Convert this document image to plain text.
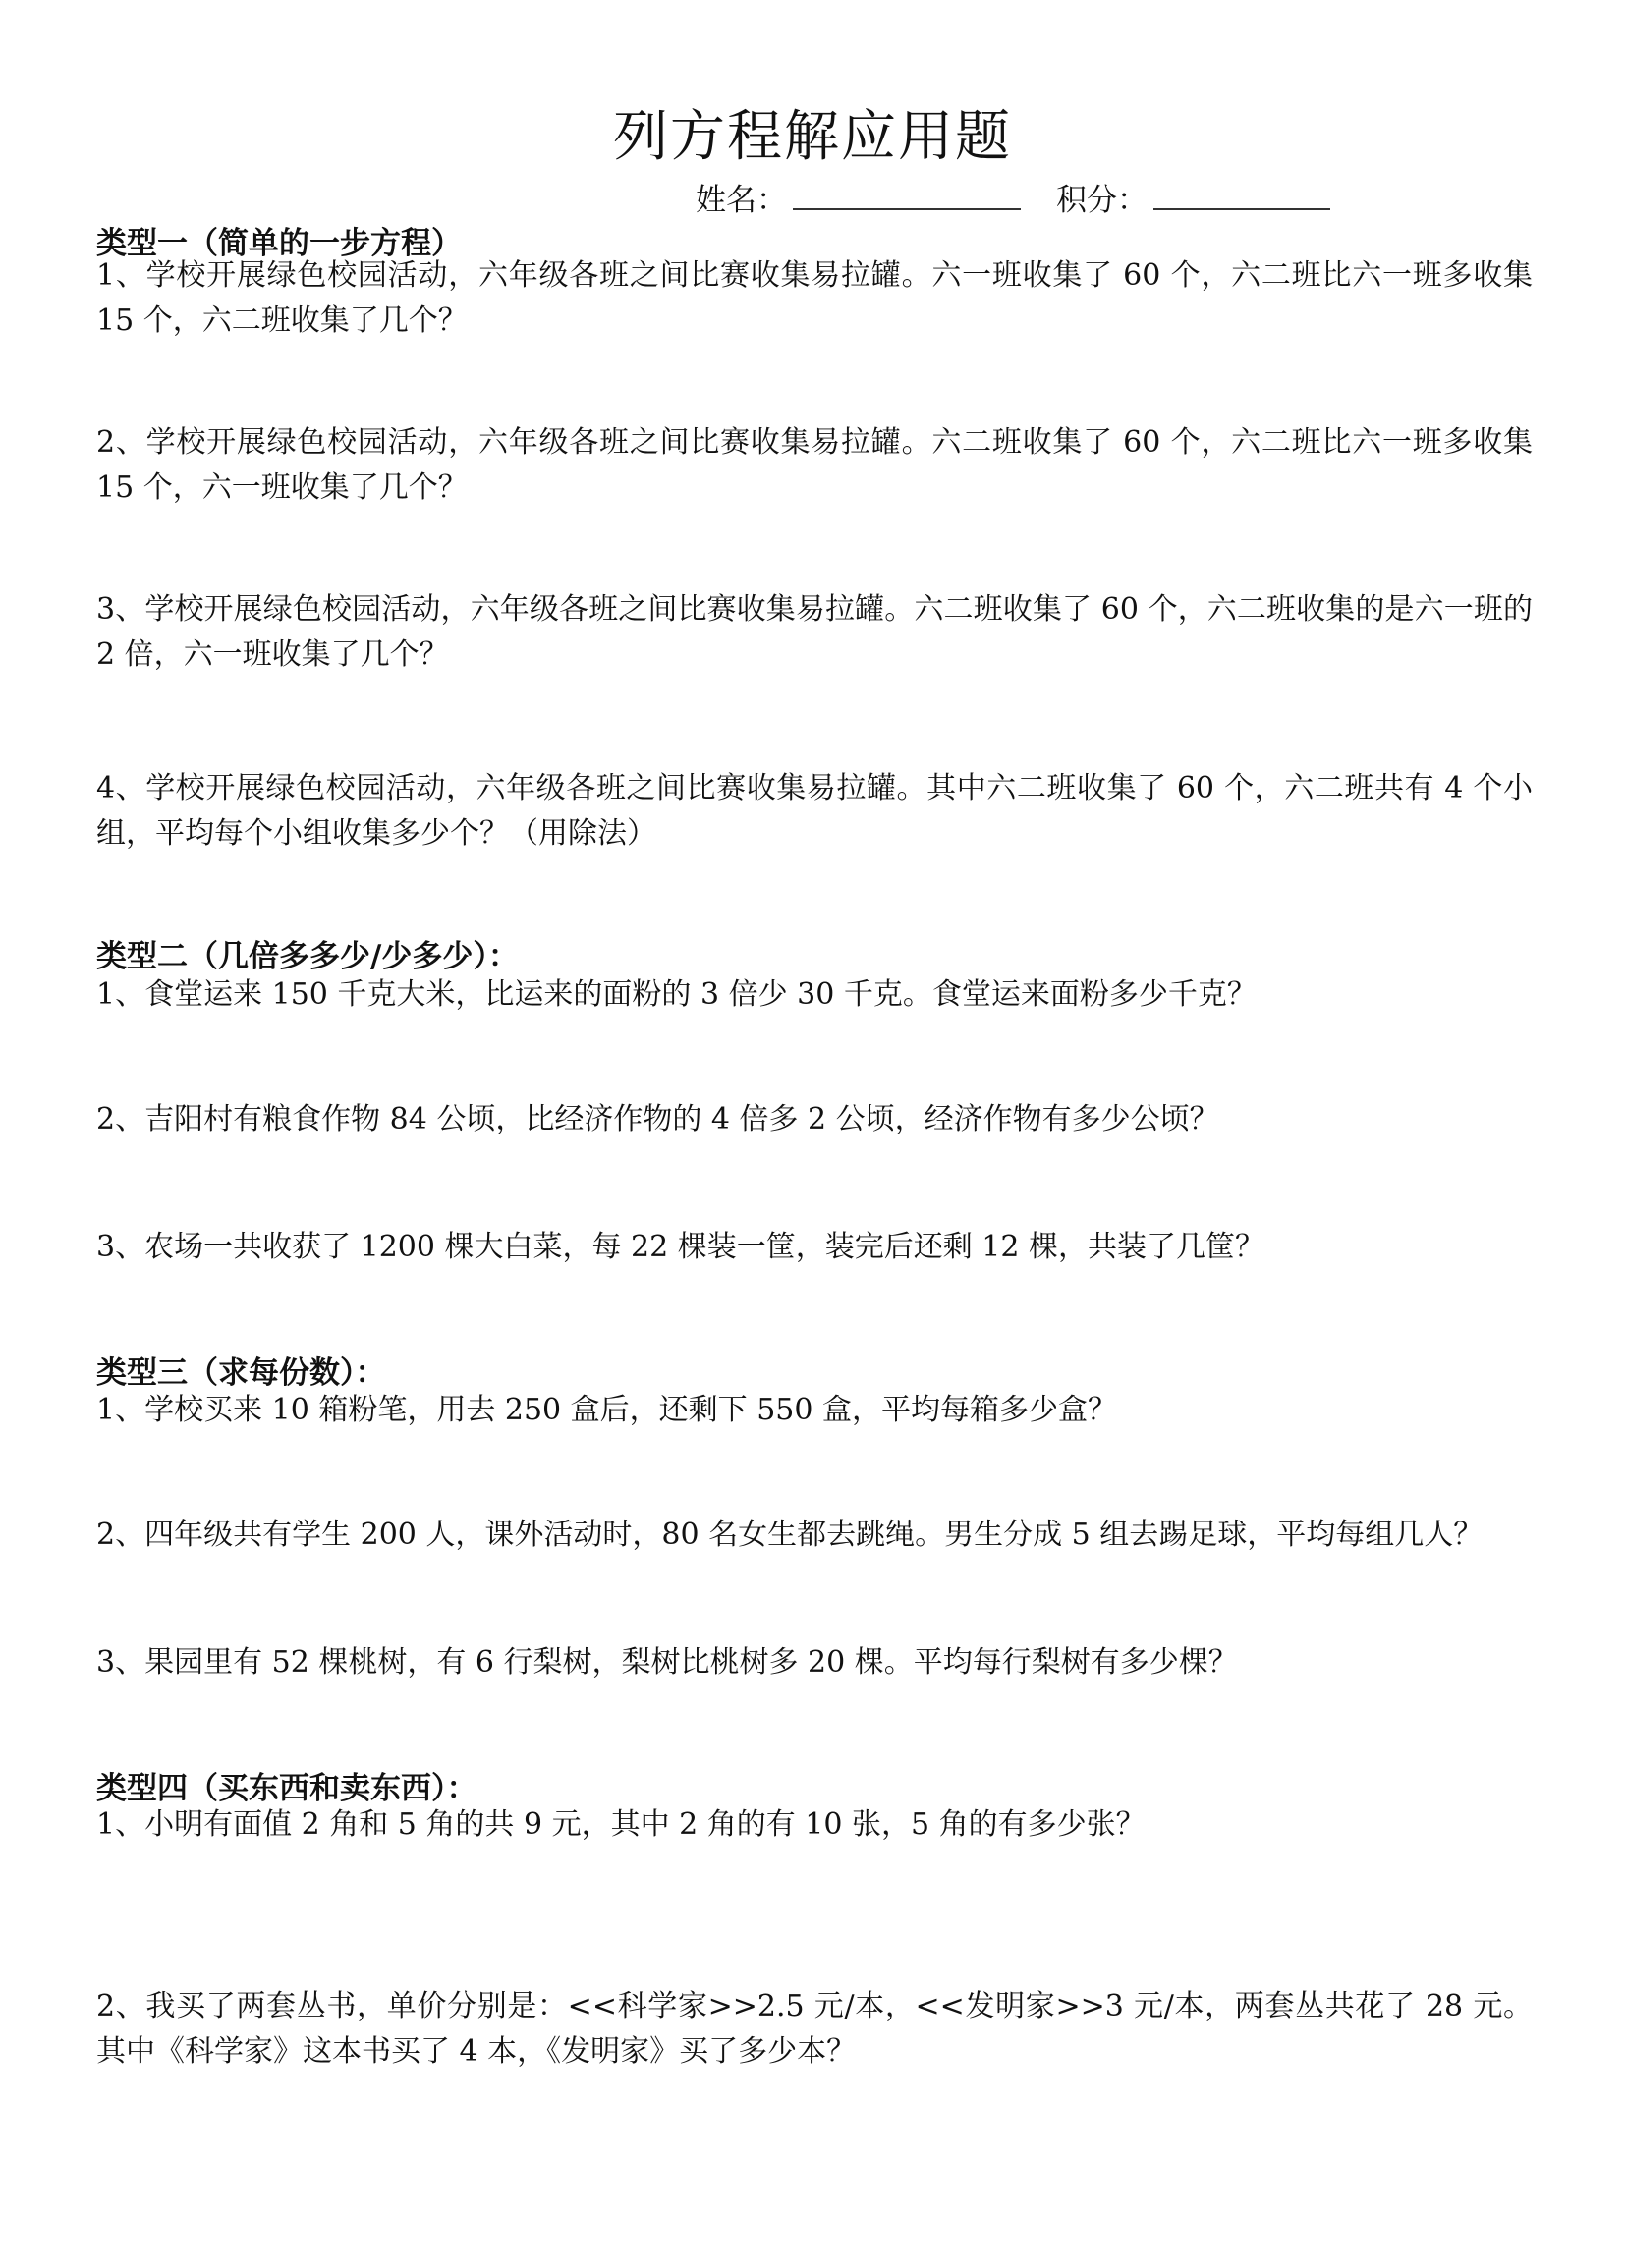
列方程解应用题
姓名：	积分：
类型一（简单的一步方程）

1、学校开展绿色校园活动，六年级各班之间比赛收集易拉罐。六一班收集了 60 个，六二班比六一班多收集 15 个，六二班收集了几个？

2、学校开展绿色校园活动，六年级各班之间比赛收集易拉罐。六二班收集了 60 个，六二班比六一班多收集 15 个，六一班收集了几个？

3、学校开展绿色校园活动，六年级各班之间比赛收集易拉罐。六二班收集了 60 个，六二班收集的是六一班的 2 倍，六一班收集了几个？

4、学校开展绿色校园活动，六年级各班之间比赛收集易拉罐。其中六二班收集了 60 个，六二班共有 4 个小组，平均每个小组收集多少个？（用除法）

类型二（几倍多多少/少多少）：

1、食堂运来 150 千克大米，比运来的面粉的 3 倍少 30 千克。食堂运来面粉多少千克？

2、吉阳村有粮食作物 84 公顷，比经济作物的 4 倍多 2 公顷，经济作物有多少公顷？

3、农场一共收获了 1200 棵大白菜，每 22 棵装一筐，装完后还剩 12 棵，共装了几筐？

类型三（求每份数）：

1、学校买来 10 箱粉笔，用去 250 盒后，还剩下 550 盒，平均每箱多少盒？

2、四年级共有学生 200 人，课外活动时，80 名女生都去跳绳。男生分成 5 组去踢足球，平均每组几人？

3、果园里有 52 棵桃树，有 6 行梨树，梨树比桃树多 20 棵。平均每行梨树有多少棵？

类型四（买东西和卖东西）：

1、小明有面值 2 角和 5 角的共 9 元，其中 2 角的有 10 张，5 角的有多少张？

2、我买了两套丛书，单价分别是：<<科学家>>2.5 元/本，<<发明家>>3 元/本，两套丛共花了 28 元。其中《科学家》这本书买了 4 本，《发明家》买了多少本？
